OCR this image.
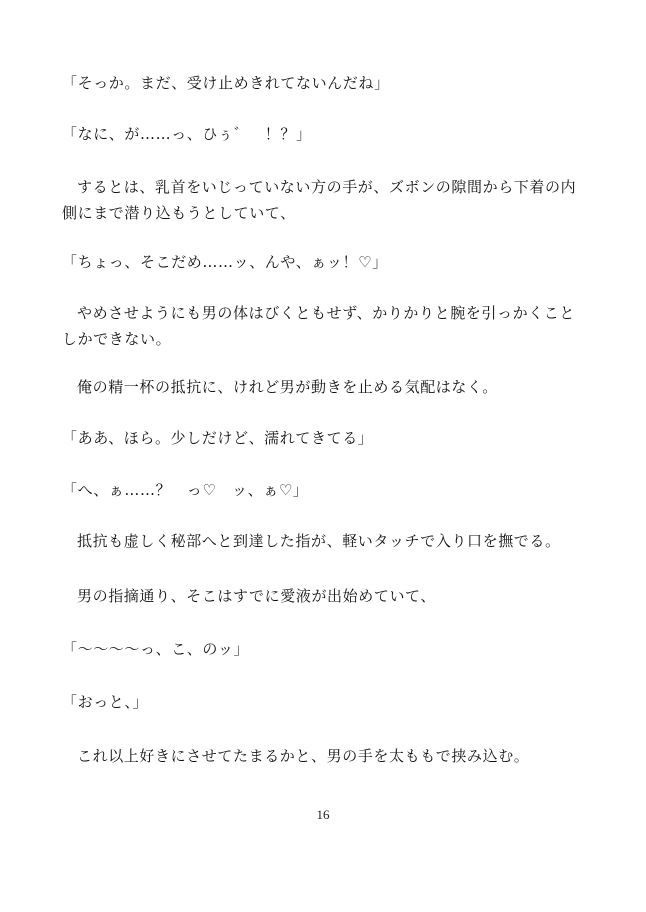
「そっか。まだ、受け止めきれてないんだね」

「なに、が……っ、ひぅ゛　！？」

するとは、乳首をいじっていない方の手が、ズボンの隙間から下着の内側にまで潜り込もうとしていて、

「ちょっ、そこだめ……ッ、んや、ぁッ！♡」

やめさせようにも男の体はびくともせず、かりかりと腕を引っかくことしかできない。

俺の精一杯の抵抗に、けれど男が動きを止める気配はなく。

「ああ、ほら。少しだけど、濡れてきてる」

「へ、ぁ……？　っ♡　ッ、ぁ♡」

抵抗も虚しく秘部へと到達した指が、軽いタッチで入り口を撫でる。

男の指摘通り、そこはすでに愛液が出始めていて、

「〜〜〜〜っ、こ、のッ」

「おっと、」

これ以上好きにさせてたまるかと、男の手を太ももで挟み込む。

16
